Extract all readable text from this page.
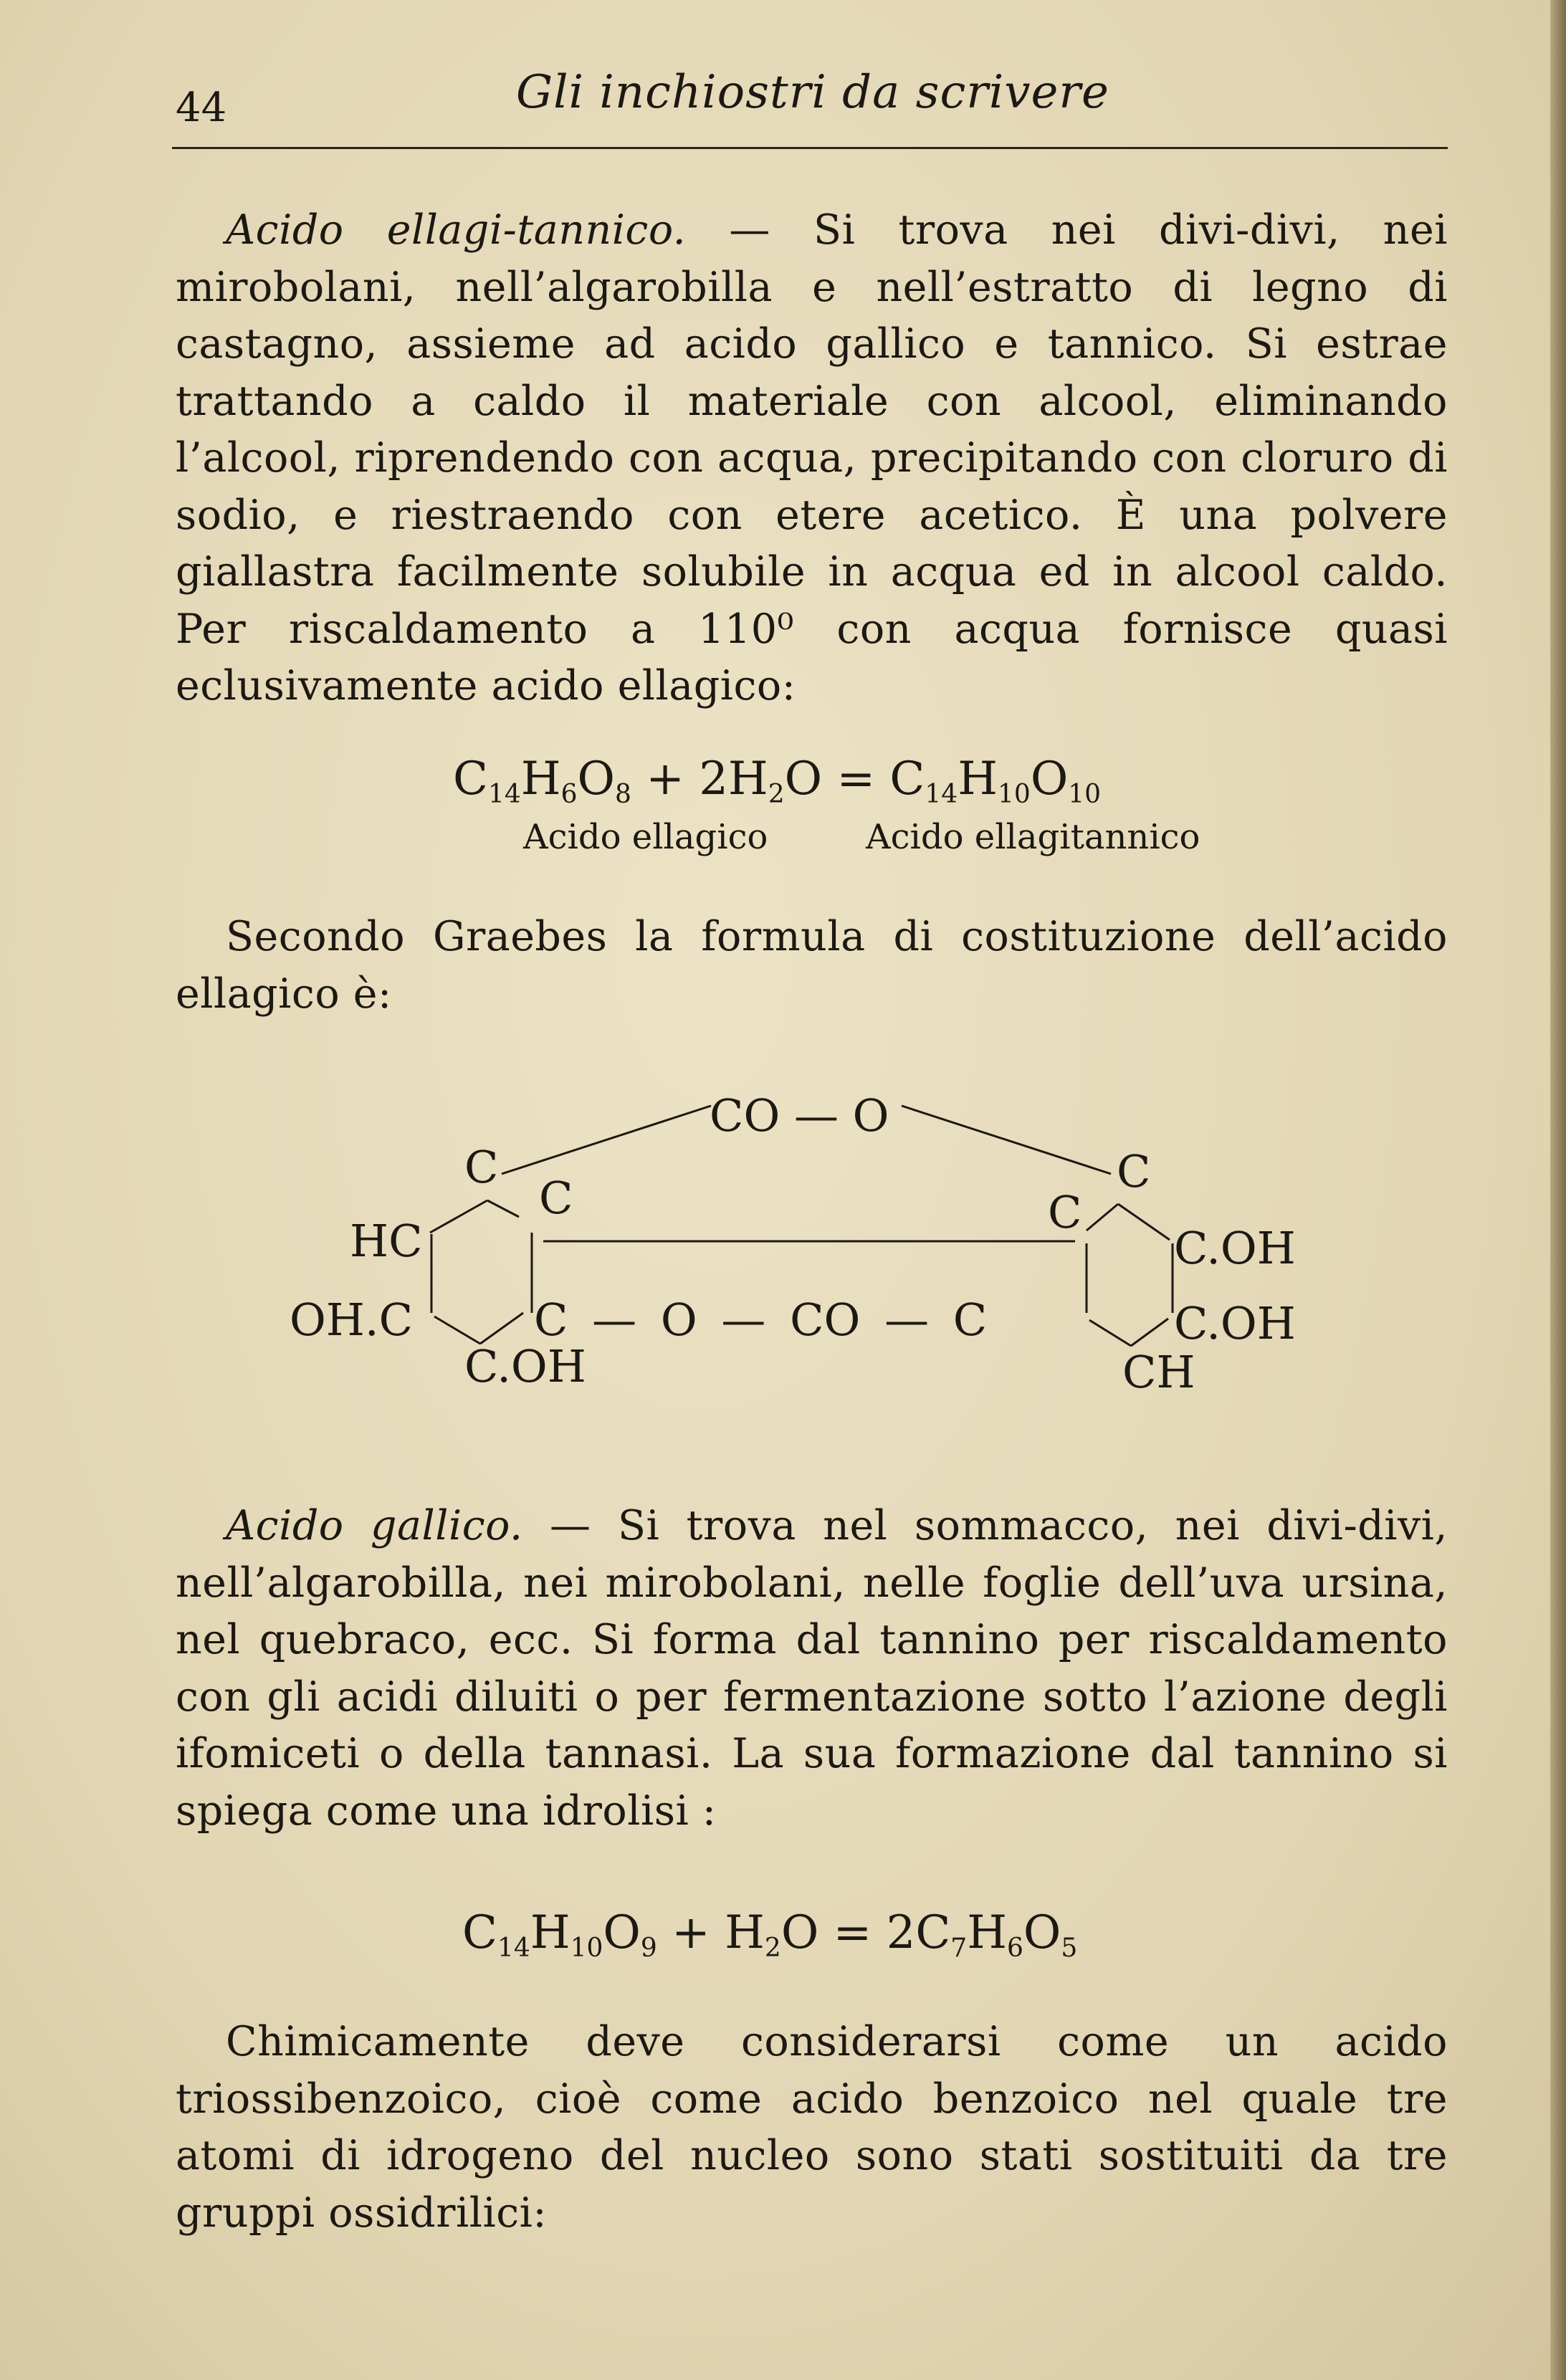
44	Gli inchiostri da scrivere
Acido ellagi-tannico. — Si trova nei divi-divi, nei mirobolani, nell’algarobilla e nell’estratto di legno di castagno, assieme ad acido gallico e tannico. Si estrae trattando a caldo il materiale con alcool, eliminando l’alcool, riprendendo con acqua, precipitando con cloruro di sodio, e riestraendo con etere acetico. È una polvere giallastra facilmente solubile in acqua ed in alcool caldo. Per riscaldamento a 110⁰ con acqua fornisce quasi eclusivamente acido ellagico:
$C_{14}H_6O_8 + 2H_2O = C_{14}H_{10}O_{10}$
Acido ellagico	Acido ellagitannico
Secondo Graebes la formula di costituzione dell’acido ellagico è:
CO — O
C	C
C	C
HC
OH.C	C — O — CO — C
C.OH
C.OH
C.OH
CH
Acido gallico. — Si trova nel sommacco, nei divi-divi, nell’algarobilla, nei mirobolani, nelle foglie dell’uva ursina, nel quebraco, ecc. Si forma dal tannino per riscaldamento con gli acidi diluiti o per fermentazione sotto l’azione degli ifomiceti o della tannasi. La sua formazione dal tannino si spiega come una idrolisi :
$C_{14}H_{10}O_9 + H_2O = 2C_7H_6O_5$
Chimicamente deve considerarsi come un acido triossibenzoico, cioè come acido benzoico nel quale tre atomi di idrogeno del nucleo sono stati sostituiti da tre gruppi ossidrilici:
